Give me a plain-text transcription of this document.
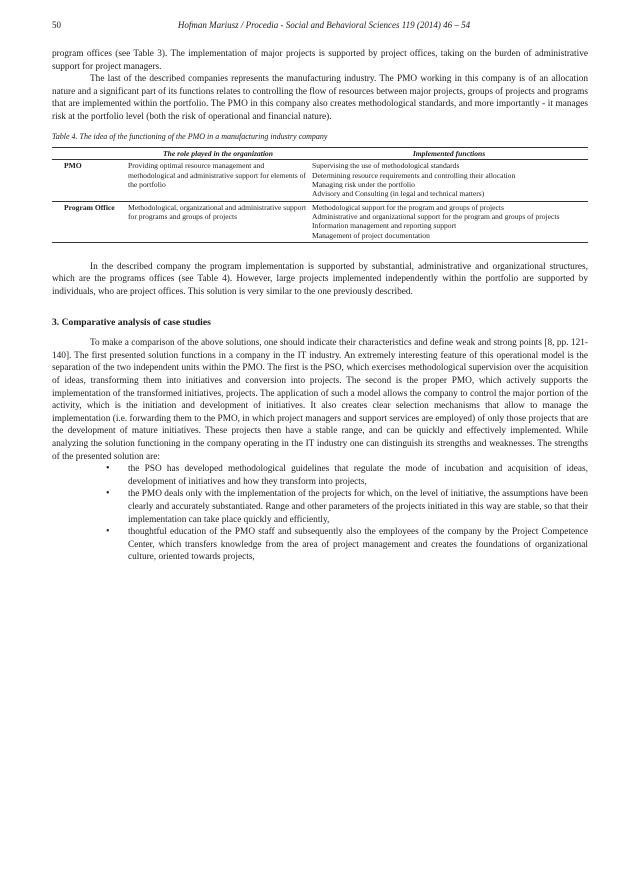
50	Hofman Mariusz / Procedia - Social and Behavioral Sciences 119 (2014) 46 – 54

program offices (see Table 3). The implementation of major projects is supported by project offices, taking on the burden of administrative support for project managers.

The last of the described companies represents the manufacturing industry. The PMO working in this company is of an allocation nature and a significant part of its functions relates to controlling the flow of resources between major projects, groups of projects and programs that are implemented within the portfolio. The PMO in this company also creates methodological standards, and more importantly - it manages risk at the portfolio level (both the risk of operational and financial nature).

Table 4. The idea of the functioning of the PMO in a manufacturing industry company
	The role played in the organization	Implemented functions
PMO	Providing optimal resource management and methodological and administrative support for elements of the portfolio	Supervising the use of methodological standards
Determining resource requirements and controlling their allocation
Managing risk under the portfolio
Advisory and Consulting (in legal and technical matters)

Program Office	Methodological, organizational and administrative support for programs and groups of projects	Methodological support for the program and groups of projects
Administrative and organizational support for the program and groups of projects
Information management and reporting support
Management of project documentation

In the described company the program implementation is supported by substantial, administrative and organizational structures, which are the programs offices (see Table 4). However, large projects implemented independently within the portfolio are supported by individuals, who are project offices. This solution is very similar to the one previously described.

3. Comparative analysis of case studies

To make a comparison of the above solutions, one should indicate their characteristics and define weak and strong points [8, pp. 121-140]. The first presented solution functions in a company in the IT industry. An extremely interesting feature of this operational model is the separation of the two independent units within the PMO. The first is the PSO, which exercises methodological supervision over the acquisition of ideas, transforming them into initiatives and conversion into projects. The second is the proper PMO, which actively supports the implementation of the transformed initiatives, projects. The application of such a model allows the company to control the major portion of the activity, which is the initiation and development of initiatives. It also creates clear selection mechanisms that allow to manage the implementation (i.e. forwarding them to the PMO, in which project managers and support services are employed) of only those projects that are the development of mature initiatives. These projects then have a stable range, and can be quickly and effectively implemented. While analyzing the solution functioning in the company operating in the IT industry one can distinguish its strengths and weaknesses. The strengths of the presented solution are:

• the PSO has developed methodological guidelines that regulate the mode of incubation and acquisition of ideas, development of initiatives and how they transform into projects,
• the PMO deals only with the implementation of the projects for which, on the level of initiative, the assumptions have been clearly and accurately substantiated. Range and other parameters of the projects initiated in this way are stable, so that their implementation can take place quickly and efficiently,
• thoughtful education of the PMO staff and subsequently also the employees of the company by the Project Competence Center, which transfers knowledge from the area of project management and creates the foundations of organizational culture, oriented towards projects,
